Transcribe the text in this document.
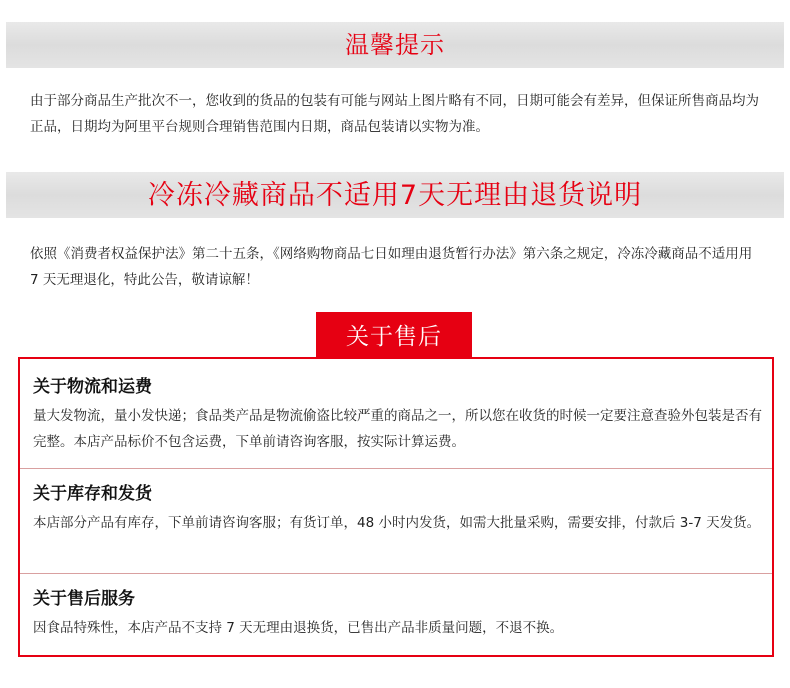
温馨提示

由于部分商品生产批次不一，您收到的货品的包装有可能与网站上图片略有不同，日期可能会有差异，但保证所售商品均为正品，日期均为阿里平台规则合理销售范围内日期，商品包装请以实物为准。

冷冻冷藏商品不适用7天无理由退货说明

依照《消费者权益保护法》第二十五条，《网络购物商品七日如理由退货暂行办法》第六条之规定，冷冻冷藏商品不适用用 7 天无理退化，特此公告，敬请谅解！

关于售后

关于物流和运费

量大发物流，量小发快递；食品类产品是物流偷盗比较严重的商品之一，所以您在收货的时候一定要注意查验外包装是否有完整。本店产品标价不包含运费，下单前请咨询客服，按实际计算运费。

关于库存和发货

本店部分产品有库存，下单前请咨询客服；有货订单，48 小时内发货，如需大批量采购，需要安排，付款后 3-7 天发货。

关于售后服务

因食品特殊性，本店产品不支持 7 天无理由退换货，已售出产品非质量问题，不退不换。
